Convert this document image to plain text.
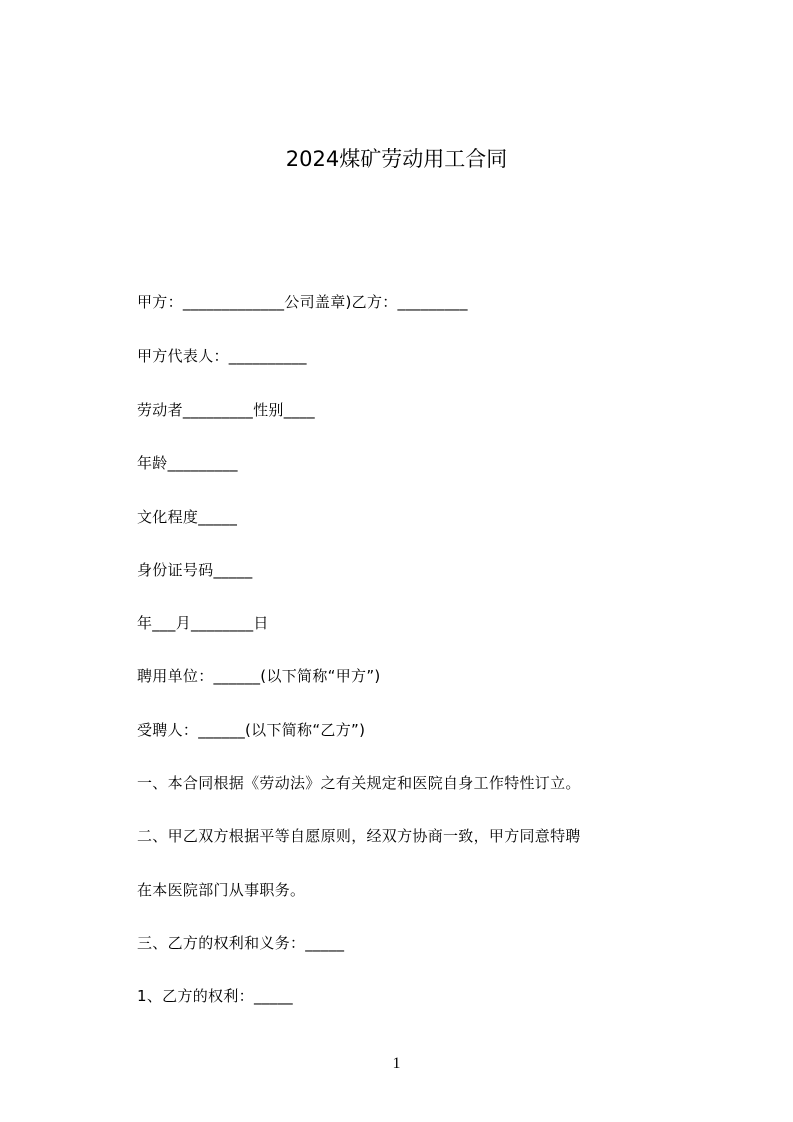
2024煤矿劳动用工合同
甲方：_____________公司盖章)乙方：_________
甲方代表人：__________
劳动者_________性别____
年龄_________
文化程度_____
身份证号码_____
年___月________日
聘用单位：______(以下简称“甲方”)
受聘人：______(以下简称“乙方”)
一、本合同根据《劳动法》之有关规定和医院自身工作特性订立。
二、甲乙双方根据平等自愿原则，经双方协商一致，甲方同意特聘
在本医院部门从事职务。
三、乙方的权利和义务：_____
1、乙方的权利：_____
1
